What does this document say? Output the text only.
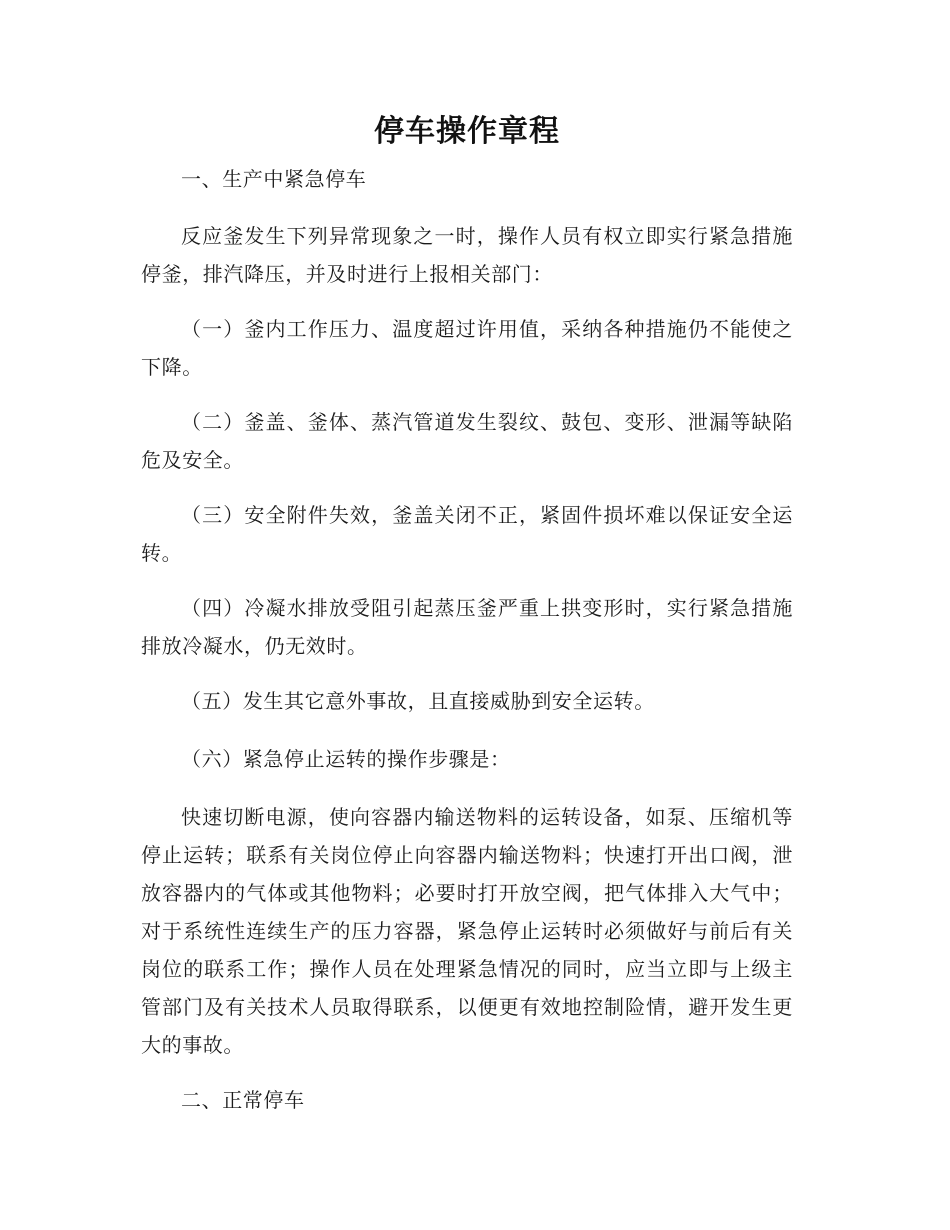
停车操作章程

一、生产中紧急停车

反应釜发生下列异常现象之一时，操作人员有权立即实行紧急措施停釜，排汽降压，并及时进行上报相关部门：

（一）釜内工作压力、温度超过许用值，采纳各种措施仍不能使之下降。

（二）釜盖、釜体、蒸汽管道发生裂纹、鼓包、变形、泄漏等缺陷危及安全。

（三）安全附件失效，釜盖关闭不正，紧固件损坏难以保证安全运转。

（四）冷凝水排放受阻引起蒸压釜严重上拱变形时，实行紧急措施排放冷凝水，仍无效时。

（五）发生其它意外事故，且直接威胁到安全运转。

（六）紧急停止运转的操作步骤是：

快速切断电源，使向容器内输送物料的运转设备，如泵、压缩机等停止运转；联系有关岗位停止向容器内输送物料；快速打开出口阀，泄放容器内的气体或其他物料；必要时打开放空阀，把气体排入大气中；对于系统性连续生产的压力容器，紧急停止运转时必须做好与前后有关岗位的联系工作；操作人员在处理紧急情况的同时，应当立即与上级主管部门及有关技术人员取得联系，以便更有效地控制险情，避开发生更大的事故。

二、正常停车
